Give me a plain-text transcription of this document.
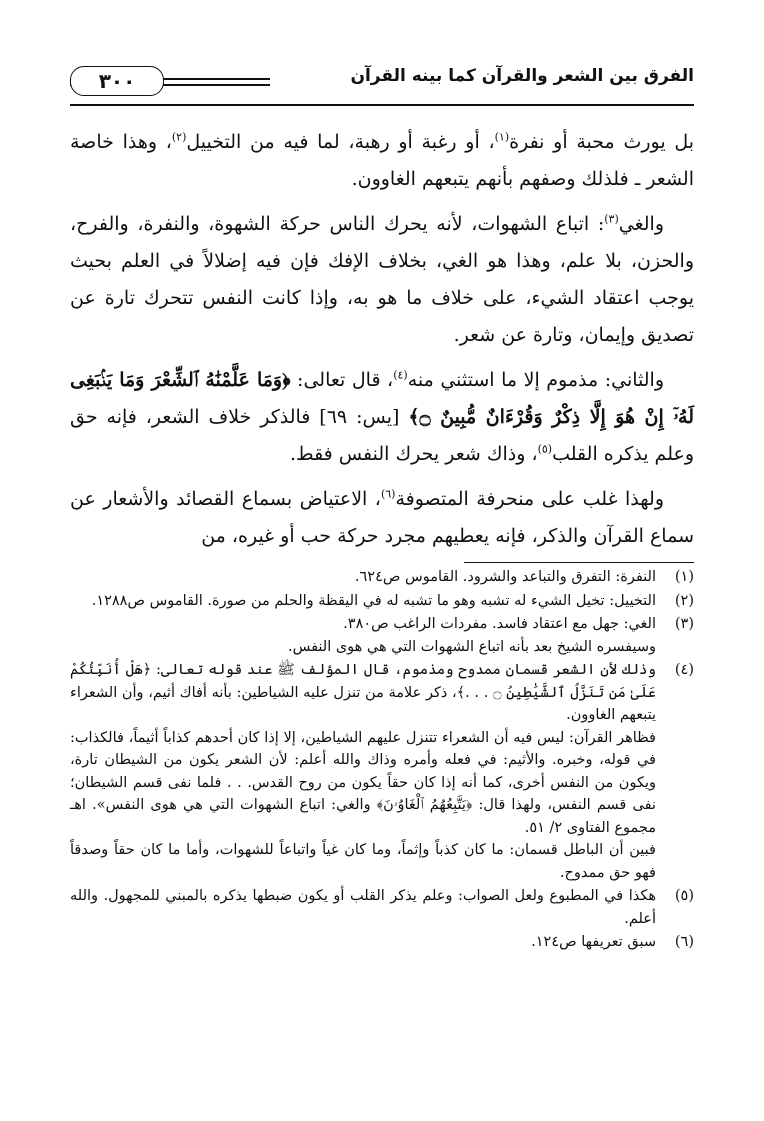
الفرق بين الشعر والقرآن كما بينه القرآن
٣٠٠

بل يورث محبة أو نفرة$^{(١)}$، أو رغبة أو رهبة، لما فيه من التخييل$^{(٢)}$، وهذا خاصة الشعر ـ فلذلك وصفهم بأنهم يتبعهم الغاوون.

والغي$^{(٣)}$: اتباع الشهوات، لأنه يحرك الناس حركة الشهوة، والنفرة، والفرح، والحزن، بلا علم، وهذا هو الغي، بخلاف الإفك فإن فيه إضلالاً في العلم بحيث يوجب اعتقاد الشيء، على خلاف ما هو به، وإذا كانت النفس تتحرك تارة عن تصديق وإيمان، وتارة عن شعر.

والثاني: مذموم إلا ما استثني منه$^{(٤)}$، قال تعالى: ﴿وَمَا عَلَّمْنَٰهُ ٱلشِّعْرَ وَمَا يَنۢبَغِى لَهُۥٓ إِنْ هُوَ إِلَّا ذِكْرٌ وَقُرْءَانٌ مُّبِينٌ ۝﴾ [يس: ٦٩] فالذكر خلاف الشعر، فإنه حق وعلم يذكره القلب$^{(٥)}$، وذاك شعر يحرك النفس فقط.

ولهذا غلب على منحرفة المتصوفة$^{(٦)}$، الاعتياض بسماع القصائد والأشعار عن سماع القرآن والذكر، فإنه يعطيهم مجرد حركة حب أو غيره، من

(١)

النفرة: التفرق والتباعد والشرود. القاموس ص٦٢٤.

(٢)

التخييل: تخيل الشيء له تشبه وهو ما تشبه له في اليقظة والحلم من صورة. القاموس ص١٢٨٨.

(٣)

الغي: جهل مع اعتقاد فاسد. مفردات الراغب ص٣٨٠.

وسيفسره الشيخ بعد بأنه اتباع الشهوات التي هي هوى النفس.

(٤)

وذلك لأن الشعر قسمان ممدوح ومذموم، قال المؤلف ﷺ عند قوله تعالى: ﴿هَلْ أُنَبِّئُكُمْ عَلَىٰ مَن تَنَزَّلُ ٱلشَّيَٰطِينُ ۝ . . .﴾، ذكر علامة من تنزل عليه الشياطين: بأنه أفاك أثيم، وأن الشعراء يتبعهم الغاوون.

فظاهر القرآن: ليس فيه أن الشعراء تتنزل عليهم الشياطين، إلا إذا كان أحدهم كذاباً أثيماً، فالكذاب: في قوله، وخبره. والأثيم: في فعله وأمره وذاك والله أعلم: لأن الشعر يكون من الشيطان تارة، ويكون من النفس أخرى، كما أنه إذا كان حقاً يكون من روح القدس. . . فلما نفى قسم الشيطان؛ نفى قسم النفس، ولهذا قال: ﴿يَتَّبِعُهُمُ ٱلْغَاوُۥنَ﴾ والغي: اتباع الشهوات التي هي هوى النفس». اهـ مجموع الفتاوى ٢/ ٥١.

فبين أن الباطل قسمان: ما كان كذباً وإثماً، وما كان غياً واتباعاً للشهوات، وأما ما كان حقاً وصدقاً فهو حق ممدوح.

(٥)

هكذا في المطبوع ولعل الصواب: وعلم يذكر القلب أو يكون ضبطها يذكره بالمبني للمجهول. والله أعلم.

(٦)

سبق تعريفها ص١٢٤.
